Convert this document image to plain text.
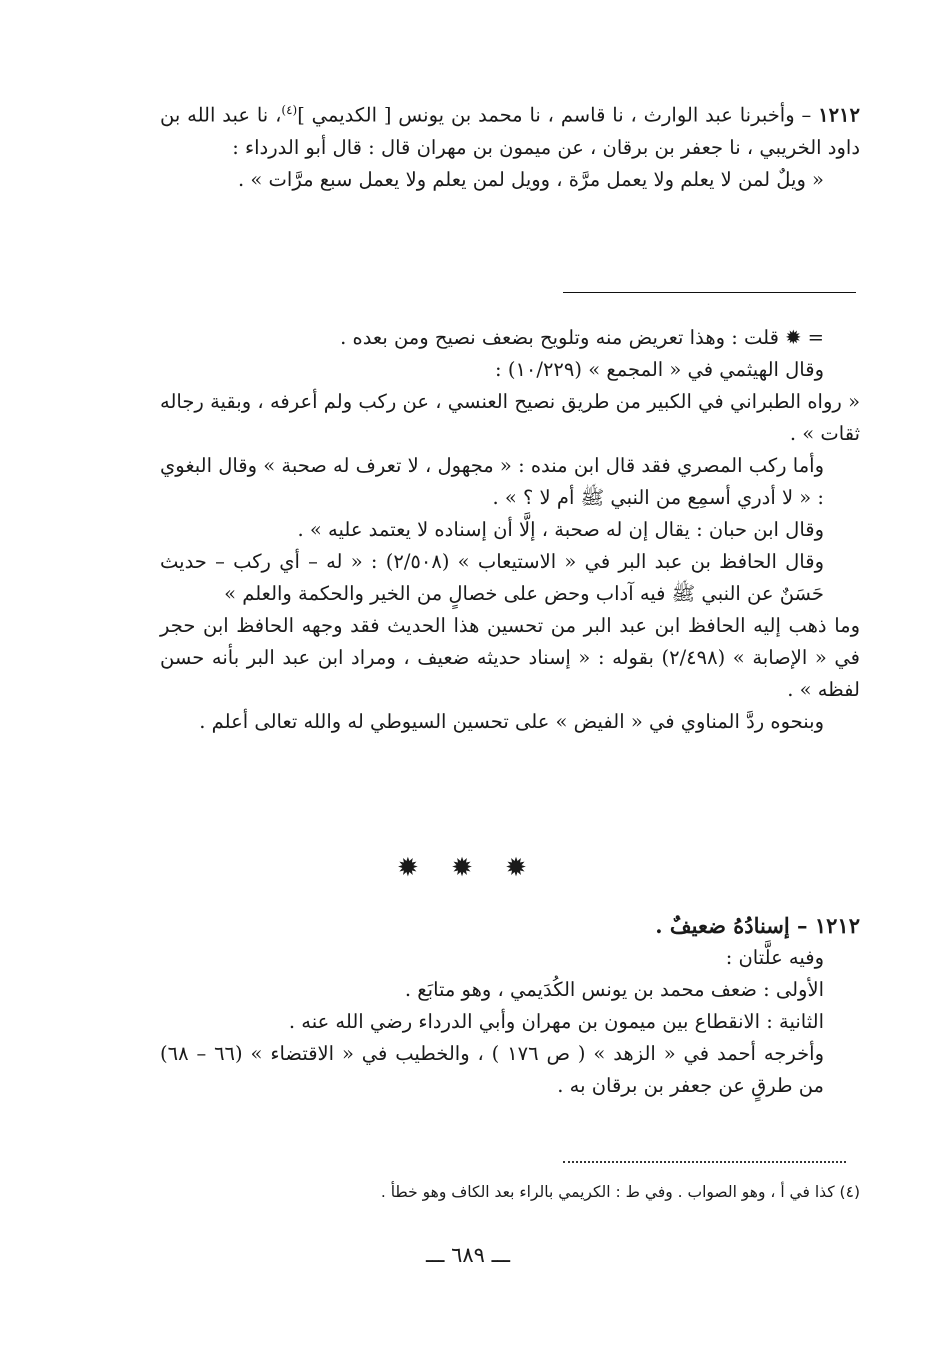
١٢١٢ – وأخبرنا عبد الوارث ، نا قاسم ، نا محمد بن يونس [ الكديمي ]$^{(٤)}$، نا عبد الله بن داود الخريبي ، نا جعفر بن برقان ، عن ميمون بن مهران قال : قال أبو الدرداء :

« ويلٌ لمن لا يعلم ولا يعمل مرَّة ، وويل لمن يعلم ولا يعمل سبع مرَّات » .

= ✹ قلت : وهذا تعريض منه وتلويح بضعف نصيح ومن بعده .

وقال الهيثمي في « المجمع » (١٠/٢٢٩) :

« رواه الطبراني في الكبير من طريق نصيح العنسي ، عن ركب ولم أعرفه ، وبقية رجاله ثقات » .

وأما ركب المصري فقد قال ابن منده : « مجهول ، لا تعرف له صحبة » وقال البغوي : « لا أدري أسمِع من النبي ﷺ أم لا ؟ » .

وقال ابن حبان : يقال إن له صحبة ، إلَّا أن إسناده لا يعتمد عليه » .

وقال الحافظ بن عبد البر في « الاستيعاب » (٢/٥٠٨) : « له – أي ركب – حديث حَسَنٌ عن النبي ﷺ فيه آداب وحض على خصالٍ من الخير والحكمة والعلم »

وما ذهب إليه الحافظ ابن عبد البر من تحسين هذا الحديث فقد وجهه الحافظ ابن حجر في « الإصابة » (٢/٤٩٨) بقوله : « إسناد حديثه ضعيف ، ومراد ابن عبد البر بأنه حسن لفظه » .

وبنحوه ردَّ المناوي في « الفيض » على تحسين السيوطي له والله تعالى أعلم .

✹ ✹ ✹

١٢١٢ – إسنادُهُ ضعيفٌ .

وفيه علَّتان :

الأولى : ضعف محمد بن يونس الكُدَيمي ، وهو متابَع .

الثانية : الانقطاع بين ميمون بن مهران وأبي الدرداء رضي الله عنه .

وأخرجه أحمد في « الزهد » ( ص ١٧٦ ) ، والخطيب في « الاقتضاء » (٦٦ – ٦٨) من طرقٍ عن جعفر بن برقان به .

(٤) كذا في أ ، وهو الصواب . وفي ط : الكريمي بالراء بعد الكاف وهو خطأ .
ـــ ٦٨٩ ـــ
